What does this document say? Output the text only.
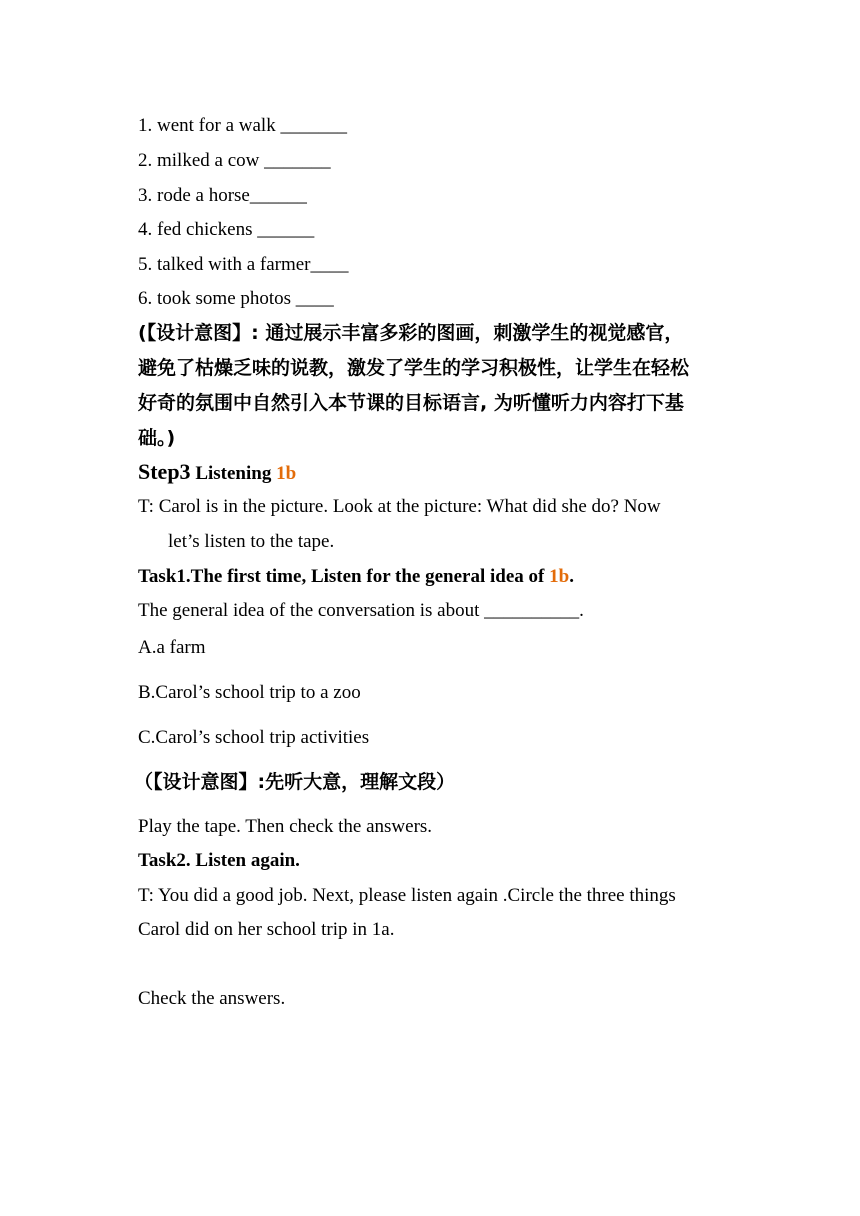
1. went for a walk _______
2. milked a cow _______
3. rode a horse______
4. fed chickens ______
5. talked with a farmer____
6. took some photos ____
(【设计意图】: 通过展示丰富多彩的图画，刺激学生的视觉感官，
避免了枯燥乏味的说教，激发了学生的学习积极性，让学生在轻松
好奇的氛围中自然引入本节课的目标语言, 为听懂听力内容打下基
础。)
Step3 Listening 1b
T: Carol is in the picture. Look at the picture: What did she do? Now
let’s listen to the tape.
Task1.The first time, Listen for the general idea of 1b.
The general idea of the conversation is about __________.
A.a farm
B.Carol’s school trip to a zoo
C.Carol’s school trip activities
（【设计意图】:先听大意，理解文段）
Play the tape. Then check the answers.
Task2. Listen again.
T: You did a good job. Next, please listen again .Circle the three things
Carol did on her school trip in 1a.
Check the answers.
